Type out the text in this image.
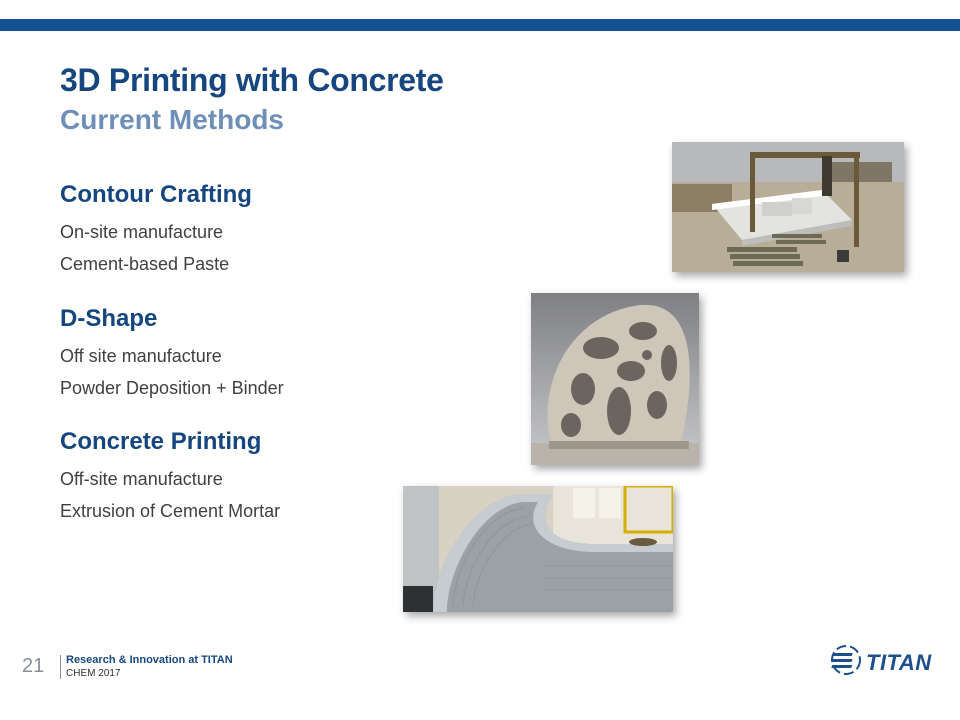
3D Printing with Concrete
Current Methods
Contour Crafting
On-site manufacture
Cement-based Paste
D-Shape
Off site manufacture
Powder Deposition + Binder
Concrete Printing
Off-site manufacture
Extrusion of Cement Mortar
21 Research & Innovation at TITAN
CHEM 2017	TITAN
